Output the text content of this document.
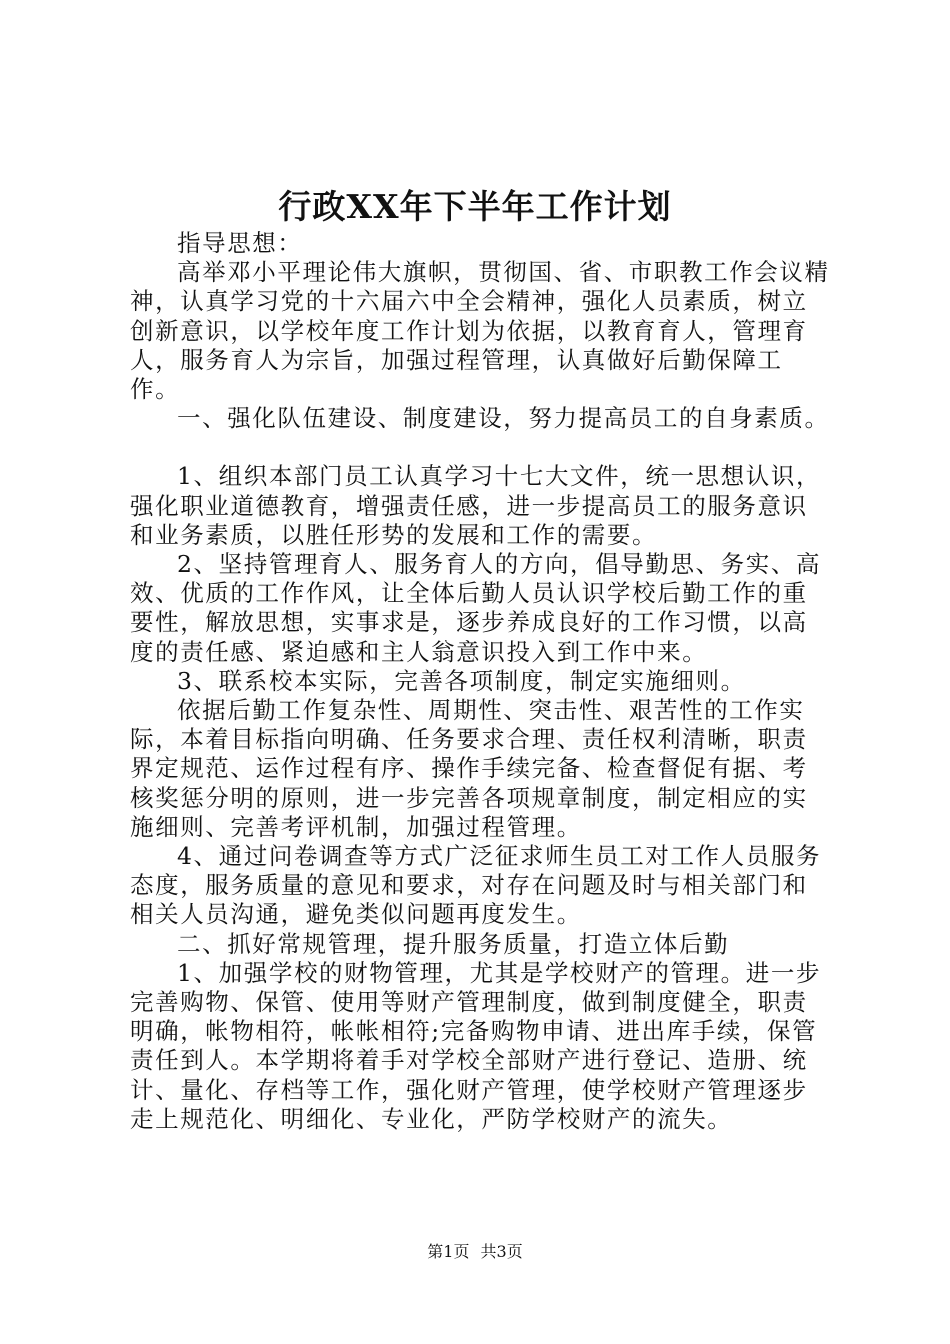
行政XX年下半年工作计划

指导思想：

高举邓小平理论伟大旗帜，贯彻国、省、市职教工作会议精神，认真学习党的十六届六中全会精神，强化人员素质，树立创新意识，以学校年度工作计划为依据，以教育育人，管理育人，服务育人为宗旨，加强过程管理，认真做好后勤保障工作。

一、强化队伍建设、制度建设，努力提高员工的自身素质。

1、组织本部门员工认真学习十七大文件，统一思想认识，强化职业道德教育，增强责任感，进一步提高员工的服务意识和业务素质，以胜任形势的发展和工作的需要。

2、坚持管理育人、服务育人的方向，倡导勤思、务实、高效、优质的工作作风，让全体后勤人员认识学校后勤工作的重要性，解放思想，实事求是，逐步养成良好的工作习惯，以高度的责任感、紧迫感和主人翁意识投入到工作中来。

3、联系校本实际，完善各项制度，制定实施细则。

依据后勤工作复杂性、周期性、突击性、艰苦性的工作实际，本着目标指向明确、任务要求合理、责任权利清晰，职责界定规范、运作过程有序、操作手续完备、检查督促有据、考核奖惩分明的原则，进一步完善各项规章制度，制定相应的实施细则、完善考评机制，加强过程管理。

4、通过问卷调查等方式广泛征求师生员工对工作人员服务态度，服务质量的意见和要求，对存在问题及时与相关部门和相关人员沟通，避免类似问题再度发生。

二、抓好常规管理，提升服务质量，打造立体后勤

1、加强学校的财物管理，尤其是学校财产的管理。进一步完善购物、保管、使用等财产管理制度，做到制度健全，职责明确，帐物相符，帐帐相符;完备购物申请、进出库手续，保管责任到人。本学期将着手对学校全部财产进行登记、造册、统计、量化、存档等工作，强化财产管理，使学校财产管理逐步走上规范化、明细化、专业化，严防学校财产的流失。

第1页 共3页
